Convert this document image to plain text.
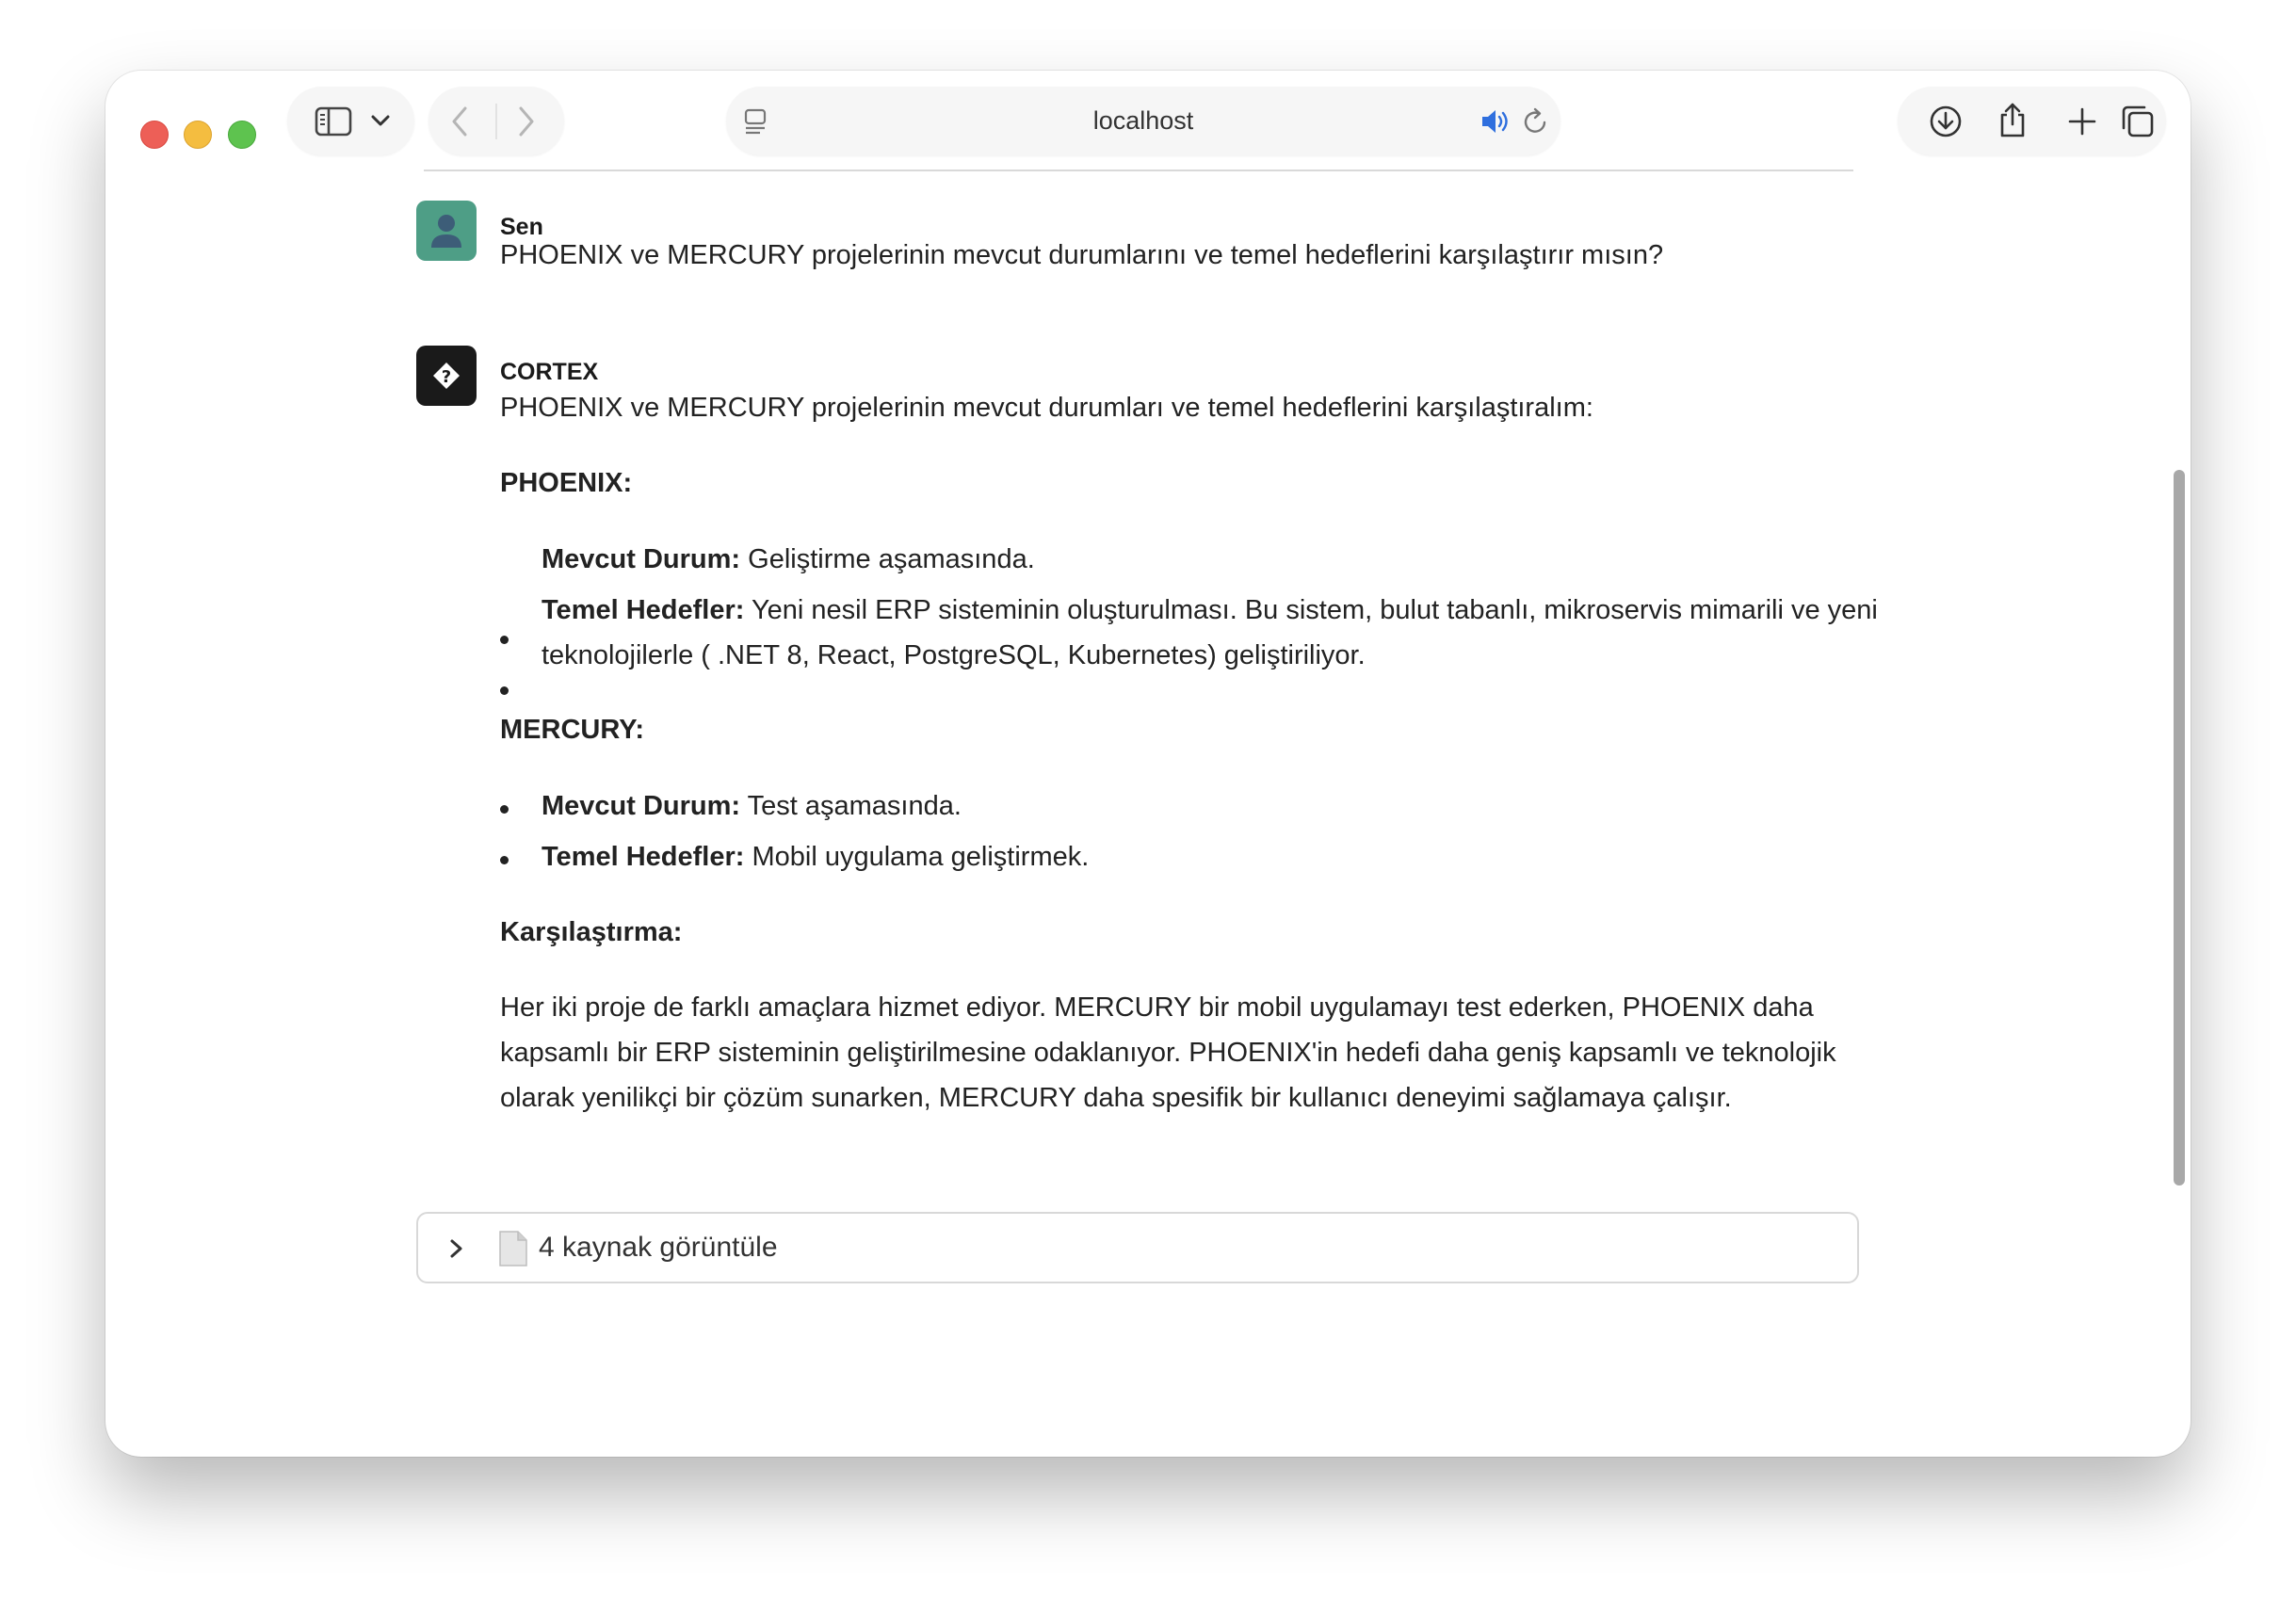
localhost
Sen
PHOENIX ve MERCURY projelerinin mevcut durumlarını ve temel hedeflerini karşılaştırır mısın?
? CORTEX
PHOENIX ve MERCURY projelerinin mevcut durumları ve temel hedeflerini karşılaştıralım:
PHOENIX:
Mevcut Durum: Geliştirme aşamasında.
Temel Hedefler: Yeni nesil ERP sisteminin oluşturulması. Bu sistem, bulut tabanlı, mikroservis mimarili ve yeni
teknolojilerle ( .NET 8, React, PostgreSQL, Kubernetes) geliştiriliyor.
MERCURY:
Mevcut Durum: Test aşamasında.
Temel Hedefler: Mobil uygulama geliştirmek.
Karşılaştırma:
Her iki proje de farklı amaçlara hizmet ediyor. MERCURY bir mobil uygulamayı test ederken, PHOENIX daha
kapsamlı bir ERP sisteminin geliştirilmesine odaklanıyor. PHOENIX'in hedefi daha geniş kapsamlı ve teknolojik
olarak yenilikçi bir çözüm sunarken, MERCURY daha spesifik bir kullanıcı deneyimi sağlamaya çalışır.
4 kaynak görüntüle
